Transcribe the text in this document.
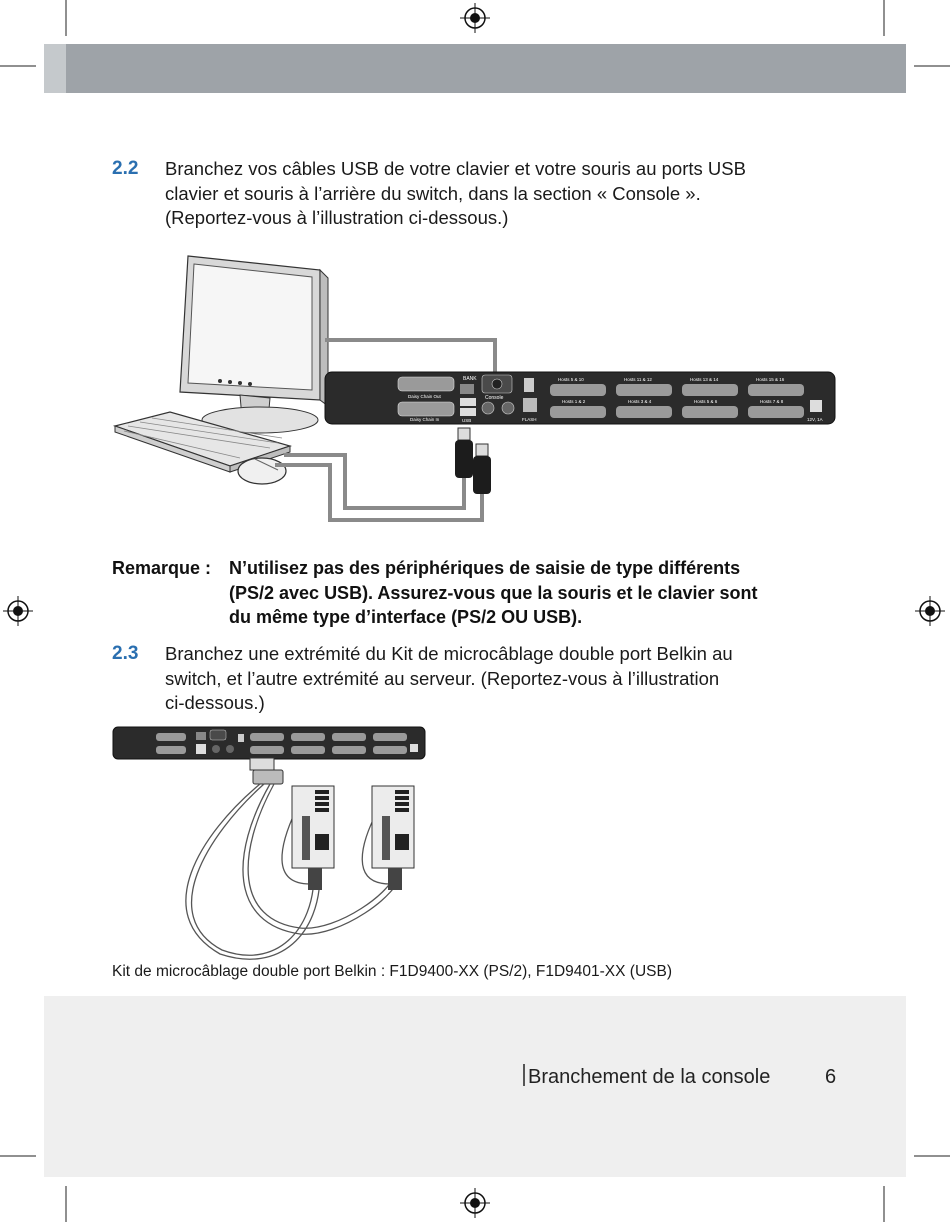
2.2 Branchez vos câbles USB de votre clavier et votre souris au ports USB
clavier et souris à l’arrière du switch, dans la section « Console ».
(Reportez-vous à l’illustration ci-dessous.)
BANK
Console
Daisy Chain Out
Daisy Chain In	USB	FLASH
Hosts 5 & 10	Hosts 11 & 12	Hosts 13 & 14	Hosts 15 & 16
Hosts 1 & 2	Hosts 3 & 4	Hosts 5 & 6	Hosts 7 & 8
12V, 1A
Remarque : N’utilisez pas des périphériques de saisie de type différents
(PS/2 avec USB). Assurez-vous que la souris et le clavier sont
du même type d’interface (PS/2 OU USB).
2.3 Branchez une extrémité du Kit de microcâblage double port Belkin au
switch, et l’autre extrémité au serveur. (Reportez-vous à l’illustration
ci-dessous.)
Kit de microcâblage double port Belkin : F1D9400-XX (PS/2), F1D9401-XX (USB)
Branchement de la console	6
